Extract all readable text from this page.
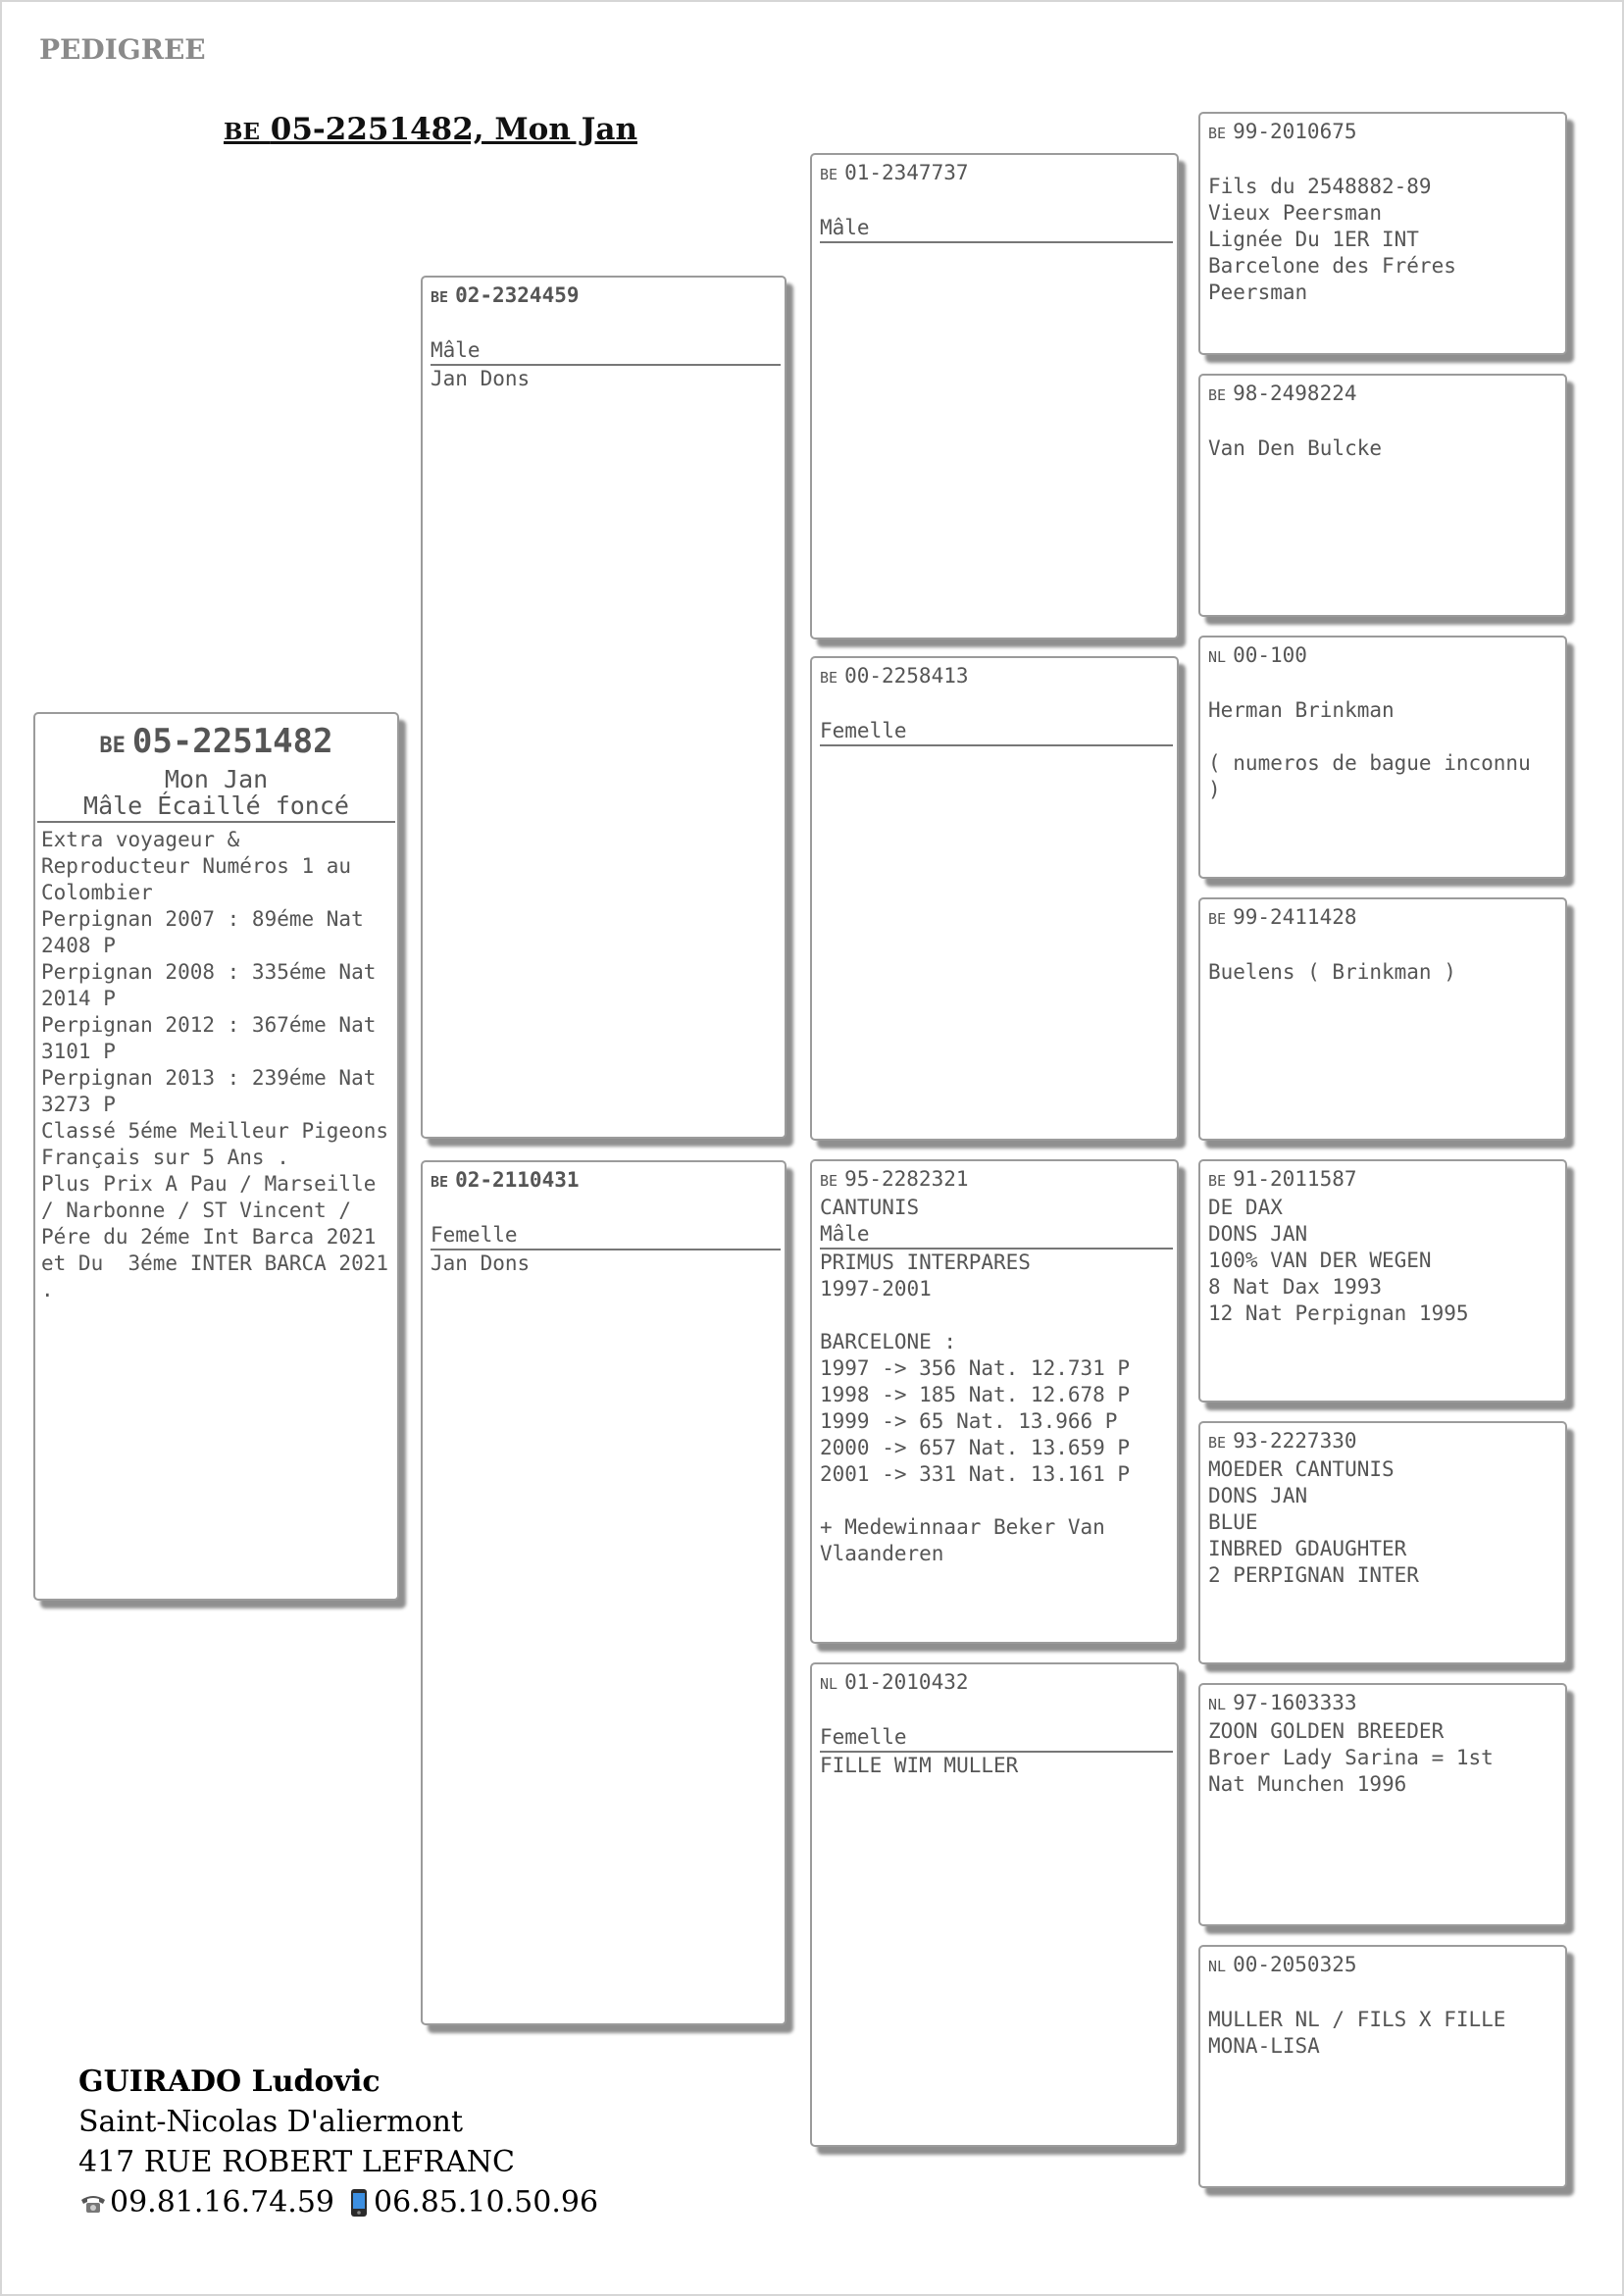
PEDIGREE
BE 05-2251482, Mon Jan
BE 05-2251482
Mon Jan
Mâle Écaillé foncé
Extra voyageur & Reproducteur Numéros 1 au Colombier
Perpignan 2007 : 89éme Nat  2408 P
Perpignan 2008 : 335éme Nat 2014 P
Perpignan 2012 : 367éme Nat  3101 P
Perpignan 2013 : 239éme Nat  3273 P
Classé 5éme Meilleur Pigeons Français sur 5 Ans .
Plus Prix A Pau / Marseille / Narbonne / ST Vincent /
Pére du 2éme Int Barca 2021 et Du  3éme INTER BARCA 2021 .
BE 02-2324459
Mâle
Jan Dons
BE 02-2110431
Femelle
Jan Dons
BE 01-2347737
Mâle
BE 00-2258413
Femelle
BE 95-2282321
CANTUNIS
Mâle
PRIMUS INTERPARES
1997-2001
BARCELONE :
1997 -> 356 Nat. 12.731 P
1998 -> 185 Nat. 12.678 P
1999 -> 65 Nat. 13.966 P
2000 -> 657 Nat. 13.659 P
2001 -> 331 Nat. 13.161 P
+ Medewinnaar Beker Van
Vlaanderen
NL 01-2010432
Femelle
FILLE WIM MULLER
BE 99-2010675
Fils du 2548882-89
Vieux Peersman
Lignée Du 1ER INT
Barcelone des Fréres
Peersman
BE 98-2498224
Van Den Bulcke
NL 00-100
Herman Brinkman
( numeros de bague inconnu
)
BE 99-2411428
Buelens ( Brinkman )
BE 91-2011587
DE DAX
DONS JAN
100% VAN DER WEGEN
8 Nat Dax 1993
12 Nat Perpignan 1995
BE 93-2227330
MOEDER CANTUNIS
DONS JAN
BLUE
INBRED GDAUGHTER
2 PERPIGNAN INTER
NL 97-1603333
ZOON GOLDEN BREEDER
Broer Lady Sarina = 1st
Nat Munchen 1996
NL 00-2050325
MULLER NL / FILS X FILLE
MONA-LISA
GUIRADO Ludovic
Saint-Nicolas D'aliermont
417 RUE ROBERT LEFRANC
09.81.16.74.59 06.85.10.50.96
